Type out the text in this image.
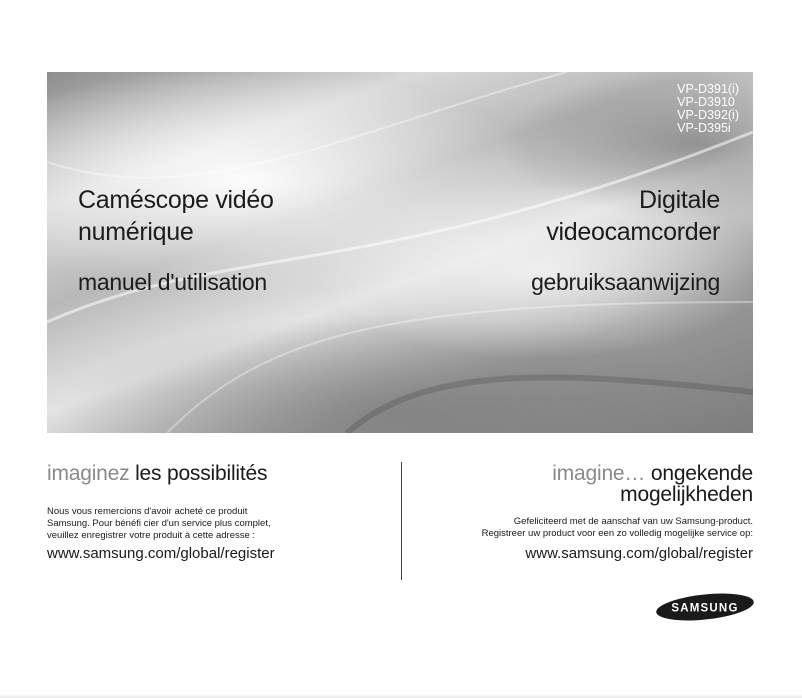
VP-D391(i)
VP-D3910
VP-D392(i)
VP-D395i
Caméscope vidéo
numérique
manuel d'utilisation
Digitale
videocamcorder
gebruiksaanwijzing
imaginez les possibilités
Nous vous remercions d'avoir acheté ce produit
Samsung. Pour bénéfi cier d'un service plus complet,
veuillez enregistrer votre produit à cette adresse :
www.samsung.com/global/register
imagine… ongekende
mogelijkheden
Gefeliciteerd met de aanschaf van uw Samsung-product.
Registreer uw product voor een zo volledig mogelijke service op:
www.samsung.com/global/register
SAMSUNG
